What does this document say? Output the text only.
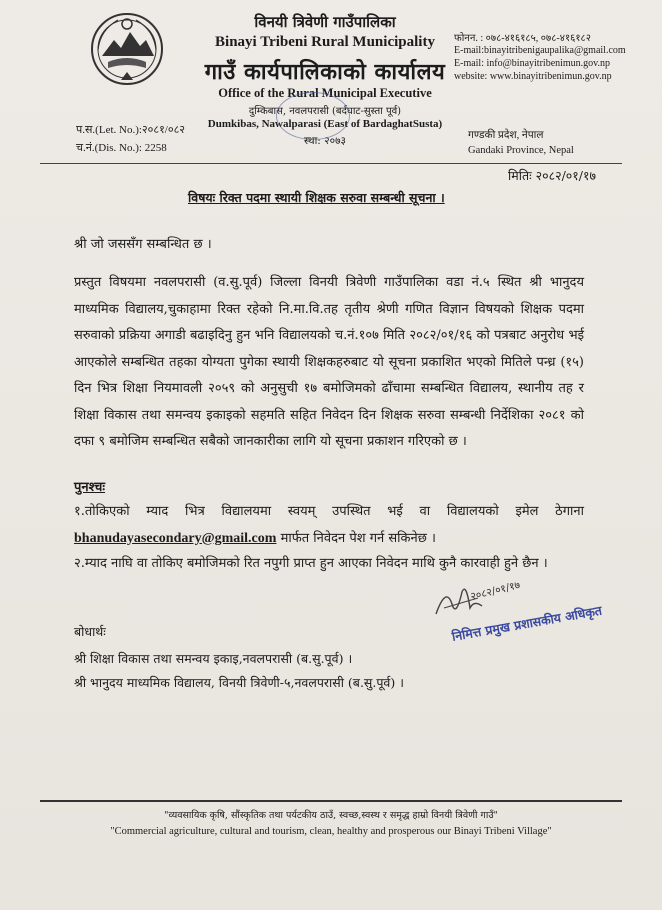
विनयी त्रिवेणी गाउँपालिका
Binayi Tribeni Rural Municipality
गाउँ कार्यपालिकाको कार्यालय
Office of the Rural Municipal Executive
दुम्किबास, नवलपरासी (बर्दघाट-सुस्ता पूर्व)
Dumkibas, Nawalparasi (East of BardaghatSusta)
स्था: २०७३
फोनन. : ०७८-४१६१८५, ०७८-४१६१८२
E-mail:binayitribenigaupalika@gmail.com
E-mail: info@binayitribenimun.gov.np
website: www.binayitribenimun.gov.np
प.स.(Let. No.):२०८१/०८२
च.नं.(Dis. No.): 2258
गण्डकी प्रदेश, नेपाल
Gandaki Province, Nepal
मितिः २०८२/०१/१७
विषयः रिक्त पदमा स्थायी शिक्षक सरुवा सम्बन्धी सूचना ।
श्री जो जससँग सम्बन्धित छ ।
प्रस्तुत विषयमा नवलपरासी (व.सु.पूर्व) जिल्ला विनयी त्रिवेणी गाउँपालिका वडा नं.५ स्थित श्री भानुदय माध्यमिक विद्यालय,चुकाहामा रिक्त रहेको नि.मा.वि.तह तृतीय श्रेणी गणित विज्ञान विषयको शिक्षक पदमा सरुवाको प्रक्रिया अगाडी बढाइदिनु हुन भनि विद्यालयको च.नं.१०७ मिति २०८२/०१/१६ को पत्रबाट अनुरोध भई आएकोले सम्बन्धित तहका योग्यता पुगेका स्थायी शिक्षकहरुबाट यो सूचना प्रकाशित भएको मितिले पन्ध्र (१५) दिन भित्र शिक्षा नियमावली २०५९ को अनुसुची १७ बमोजिमको ढाँचामा सम्बन्धित विद्यालय, स्थानीय तह र शिक्षा विकास तथा समन्वय इकाइको सहमति सहित निवेदन दिन शिक्षक सरुवा सम्बन्धी निर्देशिका २०८१ को दफा ९ बमोजिम सम्बन्धित सबैको जानकारीका लागि यो सूचना प्रकाशन गरिएको छ ।
पुनश्चः
१.तोकिएको म्याद भित्र विद्यालयमा स्वयम् उपस्थित भई वा विद्यालयको इमेल ठेगाना bhanudayasecondary@gmail.com मार्फत निवेदन पेश गर्न सकिनेछ ।
२.म्याद नाघि वा तोकिए बमोजिमको रित नपुगी प्राप्त हुन आएका निवेदन माथि कुनै कारवाही हुने छैन ।
२०८२/०१/१७
निमित्त प्रमुख प्रशासकीय अधिकृत
बोधार्थः
श्री शिक्षा विकास तथा समन्वय इकाइ,नवलपरासी (ब.सु.पूर्व) ।
श्री भानुदय माध्यमिक विद्यालय, विनयी त्रिवेणी-५,नवलपरासी (ब.सु.पूर्व) ।
"व्यवसायिक कृषि, सौंस्कृतिक तथा पर्यटकीय ठाउँ, स्वच्छ,स्वस्थ र समृद्ध हाम्रो विनयी त्रिवेणी गाउँ"
"Commercial agriculture, cultural and tourism, clean, healthy and prosperous our Binayi Tribeni Village"
